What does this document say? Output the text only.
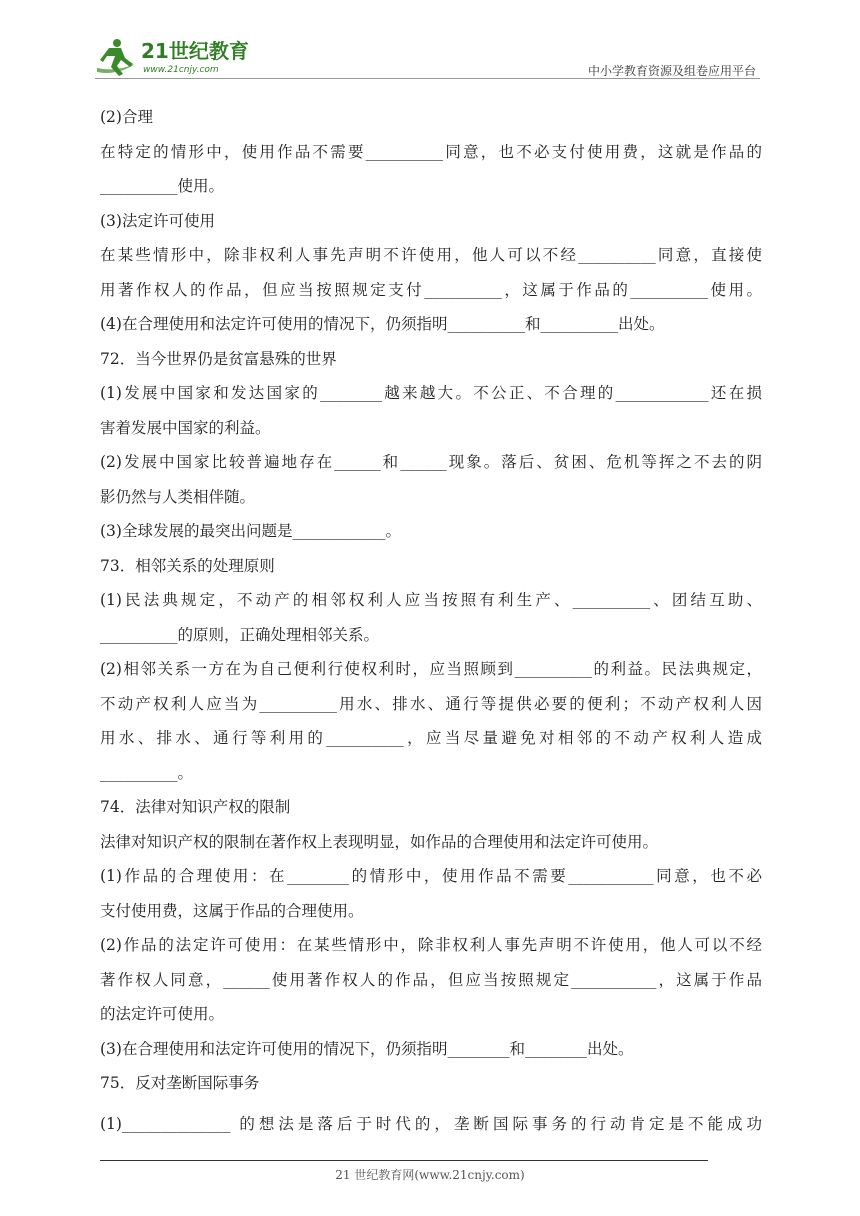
21世纪教育
www.21cnjy.com	中小学教育资源及组卷应用平台
(2)合理
在特定的情形中，使用作品不需要__________同意，也不必支付使用费，这就是作品的
__________使用。
(3)法定许可使用
在某些情形中，除非权利人事先声明不许使用，他人可以不经__________同意，直接使
用著作权人的作品，但应当按照规定支付__________，这属于作品的__________使用。
(4)在合理使用和法定许可使用的情况下，仍须指明__________和__________出处。
72．当今世界仍是贫富悬殊的世界
(1)发展中国家和发达国家的________越来越大。不公正、不合理的____________还在损
害着发展中国家的利益。
(2)发展中国家比较普遍地存在______和______现象。落后、贫困、危机等挥之不去的阴
影仍然与人类相伴随。
(3)全球发展的最突出问题是____________。
73．相邻关系的处理原则
(1)民法典规定，不动产的相邻权利人应当按照有利生产、__________、团结互助、
__________的原则，正确处理相邻关系。
(2)相邻关系一方在为自己便利行使权利时，应当照顾到__________的利益。民法典规定，
不动产权利人应当为__________用水、排水、通行等提供必要的便利；不动产权利人因
用水、排水、通行等利用的__________，应当尽量避免对相邻的不动产权利人造成
__________。
74．法律对知识产权的限制
法律对知识产权的限制在著作权上表现明显，如作品的合理使用和法定许可使用。
(1)作品的合理使用：在________的情形中，使用作品不需要___________同意，也不必
支付使用费，这属于作品的合理使用。
(2)作品的法定许可使用：在某些情形中，除非权利人事先声明不许使用，他人可以不经
著作权人同意，______使用著作权人的作品，但应当按照规定___________，这属于作品
的法定许可使用。
(3)在合理使用和法定许可使用的情况下，仍须指明________和________出处。
75．反对垄断国际事务
(1)______________ 的想法是落后于时代的，垄断国际事务的行动肯定是不能成功
21 世纪教育网(www.21cnjy.com)
